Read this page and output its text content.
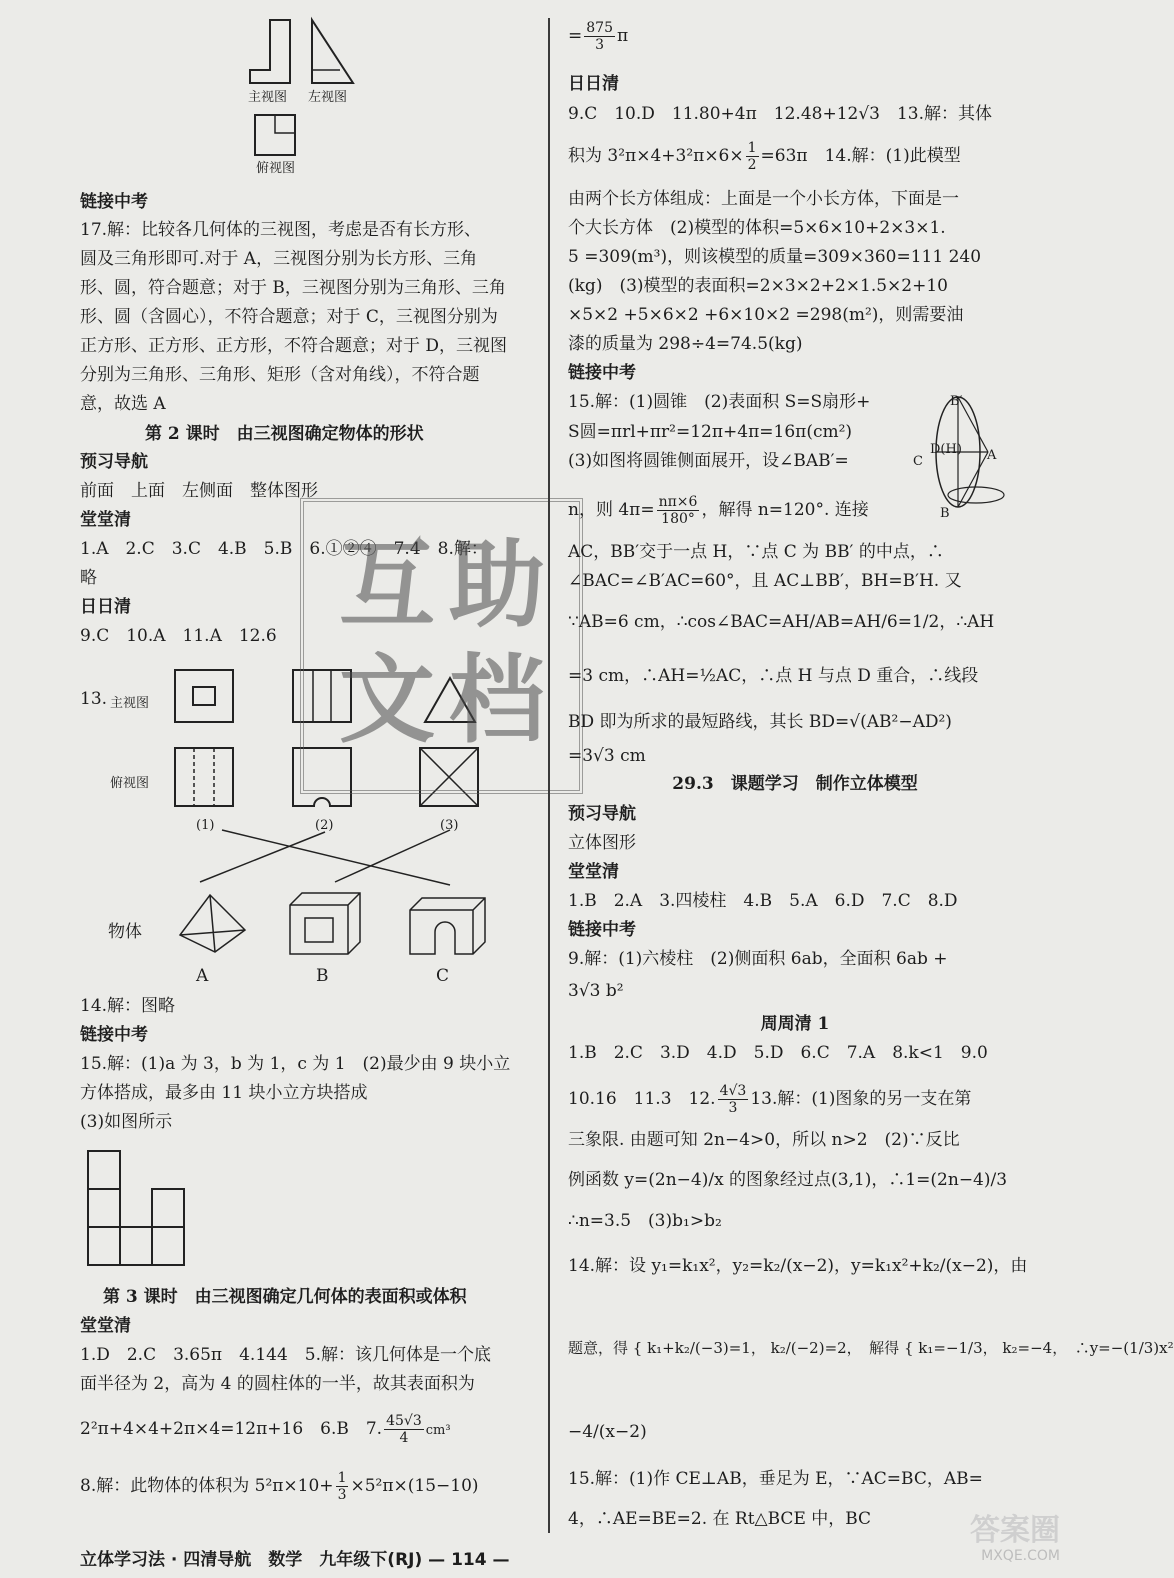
主视图 左视图
俯视图
链接中考
17.解：比较各几何体的三视图，考虑是否有长方形、
圆及三角形即可.对于 A，三视图分别为长方形、三角
形、圆，符合题意；对于 B，三视图分别为三角形、三角
形、圆（含圆心），不符合题意；对于 C，三视图分别为
正方形、正方形、正方形，不符合题意；对于 D，三视图
分别为三角形、三角形、矩形（含对角线），不符合题
意，故选 A
第 2 课时　由三视图确定物体的形状
预习导航
前面　上面　左侧面　整体图形
堂堂清
1.A　2.C　3.C　4.B　5.B　6.①②④　7.4　8.解：
略
日日清
9.C　10.A　11.A　12.6
13. 主视图
俯视图
(1)	(2)	(3)
物体
A	B	C
14.解：图略
链接中考
15.解：(1)a 为 3，b 为 1，c 为 1　(2)最少由 9 块小立
方体搭成，最多由 11 块小立方块搭成
(3)如图所示
第 3 课时　由三视图确定几何体的表面积或体积
堂堂清
1.D　2.C　3.65π　4.144　5.解：该几何体是一个底
面半径为 2，高为 4 的圆柱体的一半，故其表面积为
2²π+4×4+2π×4=12π+16　6.B　7. $\frac{45√3}{4} cm^3$
8.解：此物体的体积为 $5^2\pi\times 10+ \frac{1}{3} \times 5^2\pi\times(15-10)$
互 助
文 档
= $\frac{875}{3}$ π
日日清
9.C　10.D　11.80+4π　12.48+12√3　13.解：其体
积为 $3^2\pi\times 4+3^2\pi\times 6\times \frac{1}{2} =63\pi$　14.解：(1)此模型
由两个长方体组成：上面是一个小长方体，下面是一
个大长方体　(2)模型的体积=5×6×10+2×3×1.
5 =309(m³)，则该模型的质量=309×360=111 240
(kg)　(3)模型的表面积=2×3×2+2×1.5×2+10
×5×2 +5×6×2 +6×10×2 =298(m²)，则需要油
漆的质量为 298÷4=74.5(kg)
链接中考
15.解：(1)圆锥　(2)表面积 S=S扇形+
S圆=πrl+πr²=12π+4π=16π(cm²)
(3)如图将圆锥侧面展开，设∠BAB′=
B′
D(H) A
C
B
n，则 $4\pi= \frac{n\pi\times 6}{180^\circ}$ ，解得 n=120°. 连接
AC，BB′交于一点 H，∵点 C 为 BB′ 的中点，∴
∠BAC=∠B′AC=60°，且 AC⊥BB′，BH=B′H. 又
∵AB=6 cm，∴cos∠BAC=AH/AB=AH/6=1/2，∴AH
=3 cm，∴AH=½AC，∴点 H 与点 D 重合，∴线段
BD 即为所求的最短路线，其长 BD=√(AB²−AD²)
=3√3 cm
29.3　课题学习　制作立体模型
预习导航
立体图形
堂堂清
1.B　2.A　3.四棱柱　4.B　5.A　6.D　7.C　8.D
链接中考
9.解：(1)六棱柱　(2)侧面积 6ab，全面积 6ab +
3√3 b²
周周清 1
1.B　2.C　3.D　4.D　5.D　6.C　7.A　8.k<1　9.0
10.16　11.3　12. $\frac{4√3}{3} 13$.解：(1)图象的另一支在第
三象限. 由题可知 2n−4>0，所以 n>2　(2)∵反比
例函数 y=(2n−4)/x 的图象经过点(3,1)，∴1=(2n−4)/3
∴n=3.5　(3)b₁>b₂
14.解：设 y₁=k₁x²，y₂=k₂/(x−2)，y=k₁x²+k₂/(x−2)，由
题意，得 { k₁+k₂/(−3)=1， k₂/(−2)=2，　解得 { k₁=−1/3， k₂=−4，　∴y=−(1/3)x²
−4/(x−2)
15.解：(1)作 CE⊥AB，垂足为 E，∵AC=BC，AB=
4，∴AE=BE=2. 在 Rt△BCE 中，BC	答案圈
MXQE.COM
立体学习法 · 四清导航　数学　九年级下(RJ) — 114 —
